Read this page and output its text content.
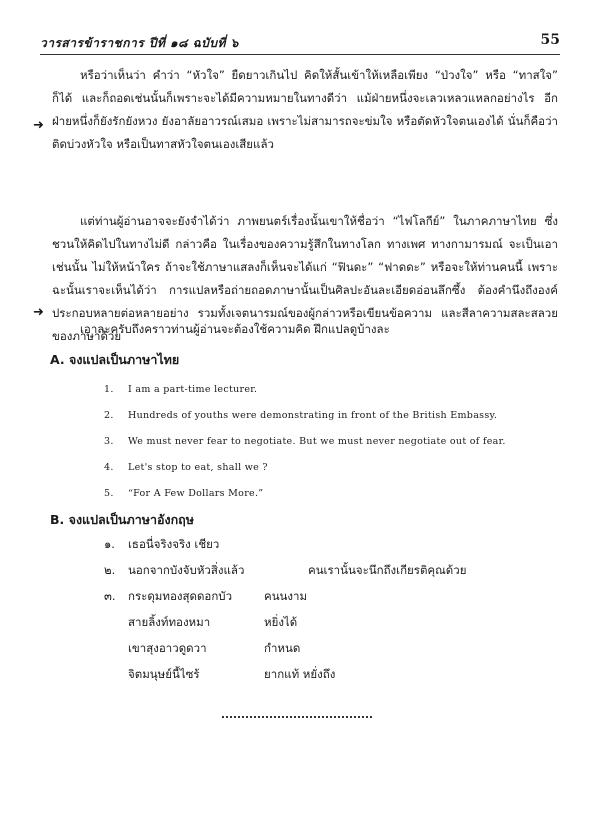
วารสารข้าราชการ ปีที่ ๑๘ ฉบับที่ ๖	55
➜
➜

หรือว่าเห็นว่า คำว่า “หัวใจ” ยืดยาวเกินไป คิดให้สั้นเข้าให้เหลือเพียง “ป่วงใจ” หรือ “ทาสใจ” ก็ได้ และก็ถอดเช่นนั้นก็เพราะจะได้มีความหมายในทางดีว่า แม้ฝ่ายหนึ่งจะเลวเหลวแหลกอย่างไร อีกฝ่ายหนึ่งก็ยังรักยังหวง ยังอาลัยอาวรณ์เสมอ เพราะไม่สามารถจะข่มใจ หรือตัดหัวใจตนเองได้ นั่นก็คือว่า ติดบ่วงหัวใจ หรือเป็นทาสหัวใจตนเองเสียแล้ว

แต่ท่านผู้อ่านอาจจะยังจำได้ว่า ภาพยนตร์เรื่องนั้นเขาให้ชื่อว่า “ไฟโลกีย์” ในภาคภาษาไทย ซึ่งชวนให้คิดไปในทางไม่ดี กล่าวคือ ในเรื่องของความรู้สึกในทางโลก ทางเพศ ทางกามารมณ์ จะเป็นเอาเช่นนั้น ไม่ให้หน้าใคร ถ้าจะใช้ภาษาแสลงก็เห็นจะได้แก่ “ฟินดะ” “ฟาดดะ” หรือจะให้ท่านคนนี้ เพราะฉะนั้นเราจะเห็นได้ว่า การแปลหรือถ่ายถอดภาษานั้นเป็นศิลปะอันละเอียดอ่อนลึกซึ้ง ต้องคำนึงถึงองค์ประกอบหลายต่อหลายอย่าง รวมทั้งเจตนารมณ์ของผู้กล่าวหรือเขียนข้อความ และสีลาความสละสลวยของภาษาด้วย

เอาละครับถึงคราวท่านผู้อ่านจะต้องใช้ความคิด ฝึกแปลดูบ้างละ

A. จงแปลเป็นภาษาไทย
1.	I am a part-time lecturer.
2.	Hundreds of youths were demonstrating in front of the British Embassy.
3.	We must never fear to negotiate. But we must never negotiate out of fear.
4.	Let's stop to eat, shall we ?
5.	“For A Few Dollars More.”
B. จงแปลเป็นภาษาอังกฤษ
๑.	เธอนี่จริงจริง เชียว
๒.	นอกจากบังจับหัวสิ่งแล้ว	คนเรานั้นจะนึกถึงเกียรติคุณด้วย
๓.	กระดุมทองสุดดอกบัว	คนนงาม
สายลิ้งท์ทองหมา	หยิ่งได้
เขาสุงอาวดูดวา	กำหนด
จิตมนุษย์นี้ไซร้	ยากแท้ หยั่งถึง
